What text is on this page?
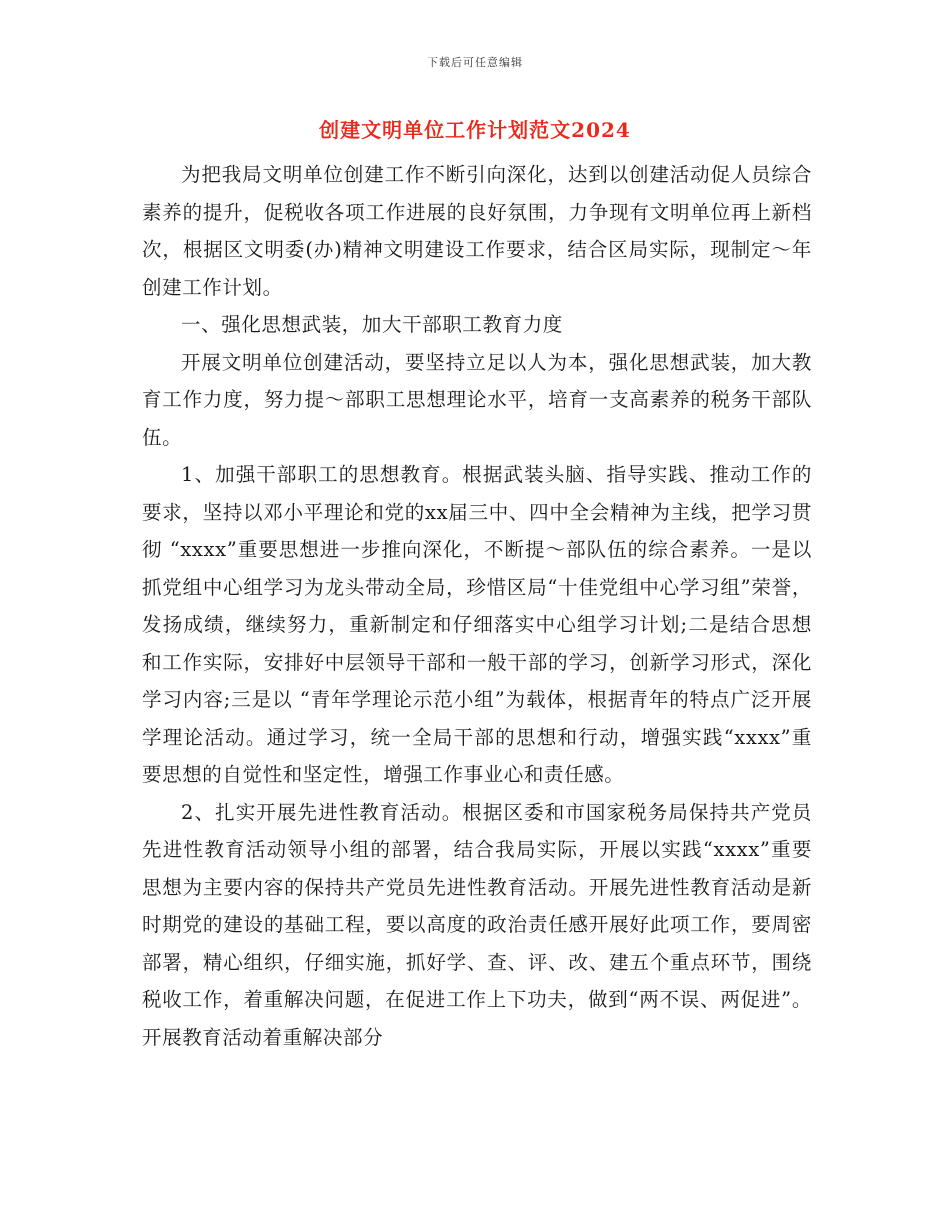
下载后可任意编辑
创建文明单位工作计划范文2024

为把我局文明单位创建工作不断引向深化，达到以创建活动促人员综合素养的提升，促税收各项工作进展的良好氛围，力争现有文明单位再上新档次，根据区文明委(办)精神文明建设工作要求，结合区局实际，现制定～年创建工作计划。

一、强化思想武装，加大干部职工教育力度

开展文明单位创建活动，要坚持立足以人为本，强化思想武装，加大教育工作力度，努力提～部职工思想理论水平，培育一支高素养的税务干部队伍。

1、加强干部职工的思想教育。根据武装头脑、指导实践、推动工作的要求，坚持以邓小平理论和党的xx届三中、四中全会精神为主线，把学习贯彻 “xxxx”重要思想进一步推向深化，不断提～部队伍的综合素养。一是以抓党组中心组学习为龙头带动全局，珍惜区局“十佳党组中心学习组”荣誉，发扬成绩，继续努力，重新制定和仔细落实中心组学习计划;二是结合思想和工作实际，安排好中层领导干部和一般干部的学习，创新学习形式，深化学习内容;三是以 “青年学理论示范小组”为载体，根据青年的特点广泛开展学理论活动。通过学习，统一全局干部的思想和行动，增强实践“xxxx”重要思想的自觉性和坚定性，增强工作事业心和责任感。

2、扎实开展先进性教育活动。根据区委和市国家税务局保持共产党员先进性教育活动领导小组的部署，结合我局实际，开展以实践“xxxx”重要思想为主要内容的保持共产党员先进性教育活动。开展先进性教育活动是新时期党的建设的基础工程，要以高度的政治责任感开展好此项工作，要周密部署，精心组织，仔细实施，抓好学、查、评、改、建五个重点环节，围绕税收工作，着重解决问题，在促进工作上下功夫，做到“两不误、两促进”。开展教育活动着重解决部分
